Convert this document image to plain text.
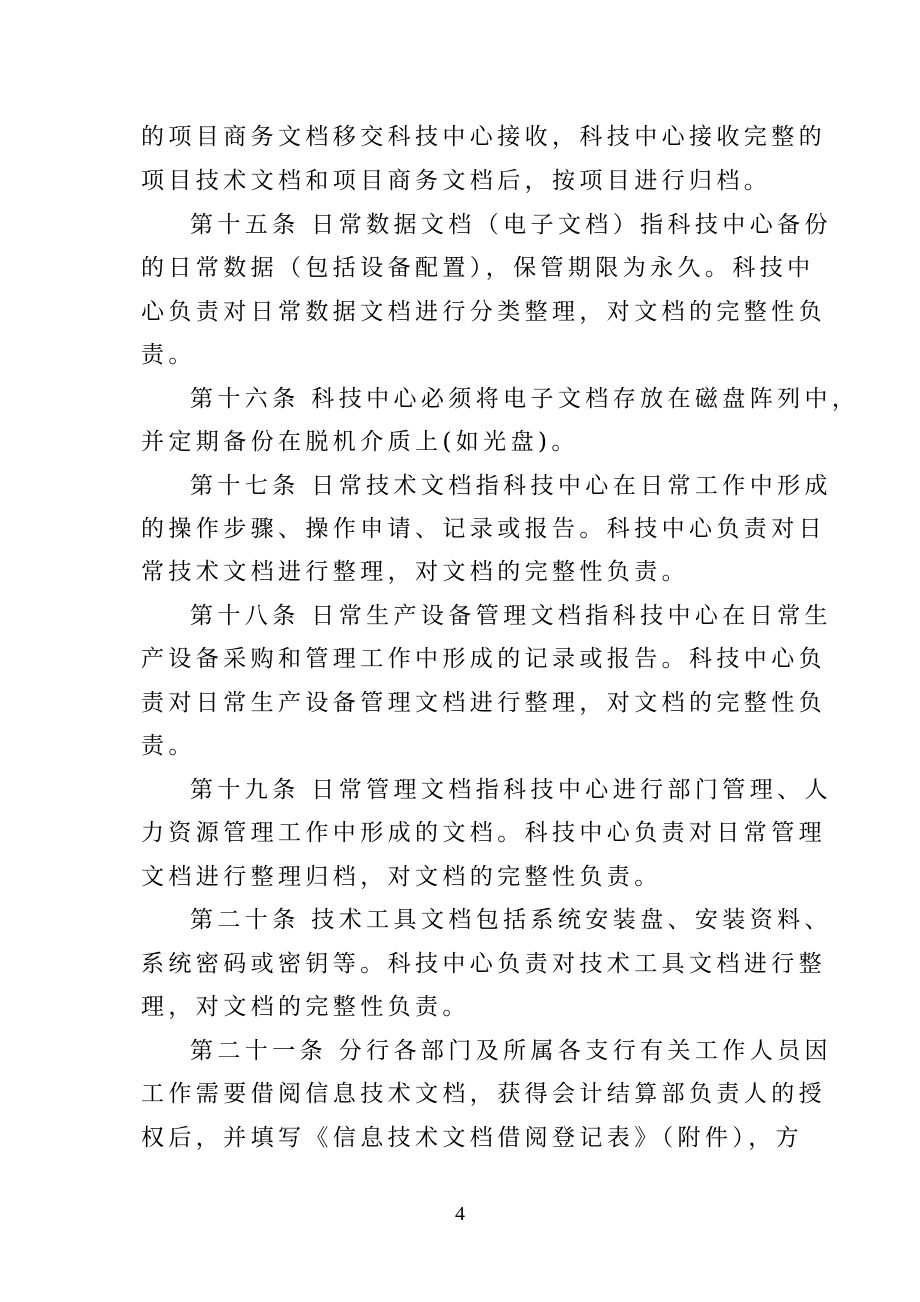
的项目商务文档移交科技中心接收，科技中心接收完整的
项目技术文档和项目商务文档后，按项目进行归档。
第十五条 日常数据文档（电子文档）指科技中心备份
的日常数据（包括设备配置），保管期限为永久。科技中
心负责对日常数据文档进行分类整理，对文档的完整性负
责。
第十六条 科技中心必须将电子文档存放在磁盘阵列中，
并定期备份在脱机介质上(如光盘)。
第十七条 日常技术文档指科技中心在日常工作中形成
的操作步骤、操作申请、记录或报告。科技中心负责对日
常技术文档进行整理，对文档的完整性负责。
第十八条 日常生产设备管理文档指科技中心在日常生
产设备采购和管理工作中形成的记录或报告。科技中心负
责对日常生产设备管理文档进行整理，对文档的完整性负
责。
第十九条 日常管理文档指科技中心进行部门管理、人
力资源管理工作中形成的文档。科技中心负责对日常管理
文档进行整理归档，对文档的完整性负责。
第二十条 技术工具文档包括系统安装盘、安装资料、
系统密码或密钥等。科技中心负责对技术工具文档进行整
理，对文档的完整性负责。
第二十一条 分行各部门及所属各支行有关工作人员因
工作需要借阅信息技术文档，获得会计结算部负责人的授
权后，并填写《信息技术文档借阅登记表》（附件），方
4
